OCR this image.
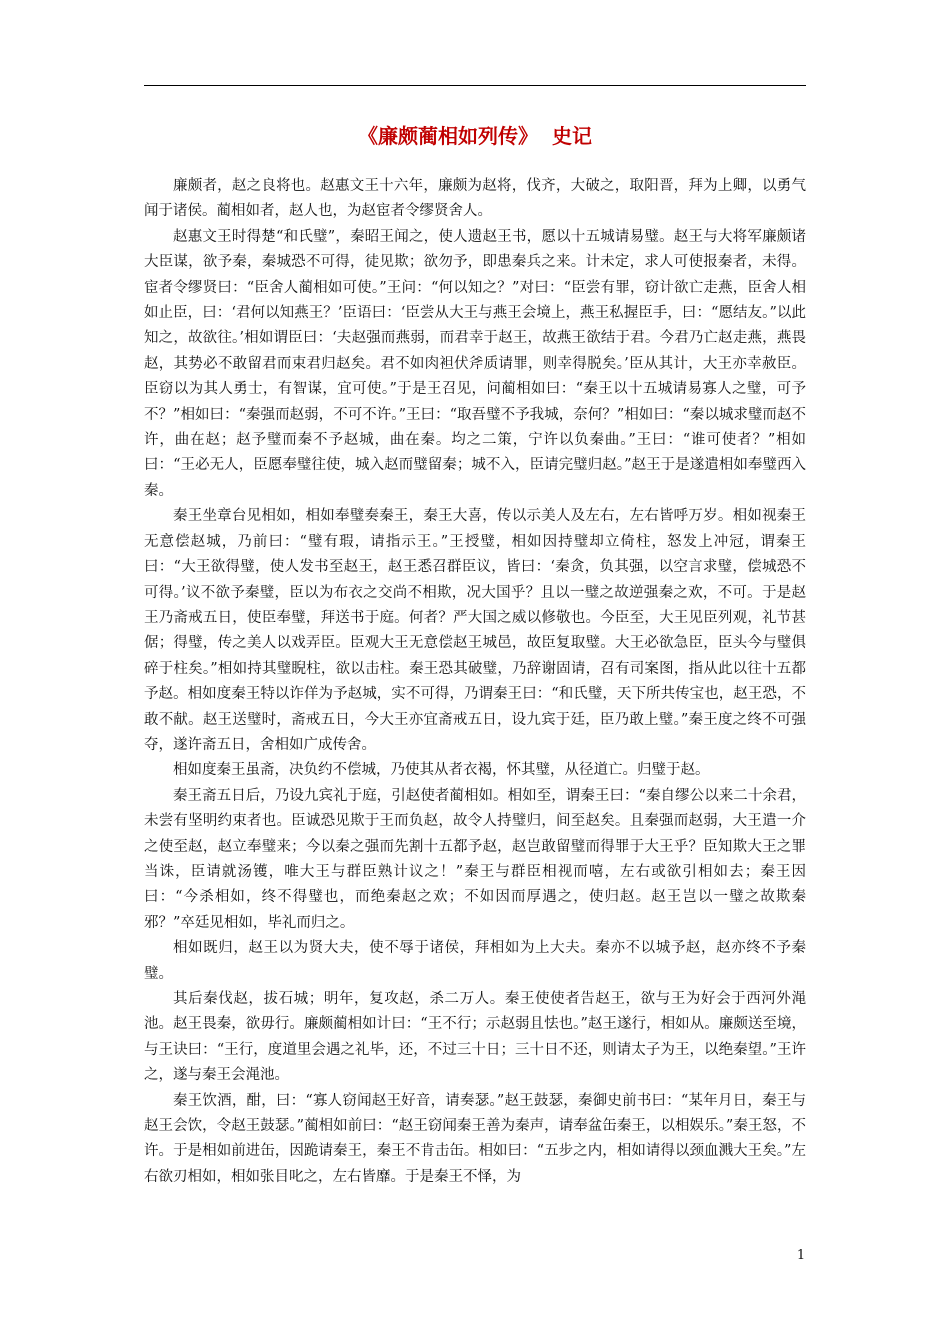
《廉颇蔺相如列传》 史记

廉颇者，赵之良将也。赵惠文王十六年，廉颇为赵将，伐齐，大破之，取阳晋，拜为上卿，以勇气闻于诸侯。蔺相如者，赵人也，为赵宦者令缪贤舍人。

赵惠文王时得楚“和氏璧”，秦昭王闻之，使人遗赵王书，愿以十五城请易璧。赵王与大将军廉颇诸大臣谋，欲予秦，秦城恐不可得，徒见欺；欲勿予，即患秦兵之来。计未定，求人可使报秦者，未得。宦者令缪贤曰：“臣舍人蔺相如可使。”王问：“何以知之？”对曰：“臣尝有罪，窃计欲亡走燕，臣舍人相如止臣，曰：‘君何以知燕王？’臣语曰：‘臣尝从大王与燕王会境上，燕王私握臣手，曰：“愿结友。”以此知之，故欲往。’相如谓臣曰：‘夫赵强而燕弱，而君幸于赵王，故燕王欲结于君。今君乃亡赵走燕，燕畏赵，其势必不敢留君而束君归赵矣。君不如肉袒伏斧质请罪，则幸得脱矣。’臣从其计，大王亦幸赦臣。臣窃以为其人勇士，有智谋，宜可使。”于是王召见，问蔺相如曰：“秦王以十五城请易寡人之璧，可予不？”相如曰：“秦强而赵弱，不可不许。”王曰：“取吾璧不予我城，奈何？”相如曰：“秦以城求璧而赵不许，曲在赵；赵予璧而秦不予赵城，曲在秦。均之二策，宁许以负秦曲。”王曰：“谁可使者？”相如曰：“王必无人，臣愿奉璧往使，城入赵而璧留秦；城不入，臣请完璧归赵。”赵王于是遂遣相如奉璧西入秦。

秦王坐章台见相如，相如奉璧奏秦王，秦王大喜，传以示美人及左右，左右皆呼万岁。相如视秦王无意偿赵城，乃前曰：“璧有瑕，请指示王。”王授璧，相如因持璧却立倚柱，怒发上冲冠，谓秦王曰：“大王欲得璧，使人发书至赵王，赵王悉召群臣议，皆曰：‘秦贪，负其强，以空言求璧，偿城恐不可得。’议不欲予秦璧，臣以为布衣之交尚不相欺，况大国乎？且以一璧之故逆强秦之欢，不可。于是赵王乃斋戒五日，使臣奉璧，拜送书于庭。何者？严大国之威以修敬也。今臣至，大王见臣列观，礼节甚倨；得璧，传之美人以戏弄臣。臣观大王无意偿赵王城邑，故臣复取璧。大王必欲急臣，臣头今与璧俱碎于柱矣。”相如持其璧睨柱，欲以击柱。秦王恐其破璧，乃辞谢固请，召有司案图，指从此以往十五都予赵。相如度秦王特以诈佯为予赵城，实不可得，乃谓秦王曰：“和氏璧，天下所共传宝也，赵王恐，不敢不献。赵王送璧时，斋戒五日，今大王亦宜斋戒五日，设九宾于廷，臣乃敢上璧。”秦王度之终不可强夺，遂许斋五日，舍相如广成传舍。

相如度秦王虽斋，决负约不偿城，乃使其从者衣褐，怀其璧，从径道亡。归璧于赵。

秦王斋五日后，乃设九宾礼于庭，引赵使者蔺相如。相如至，谓秦王曰：“秦自缪公以来二十余君，未尝有坚明约束者也。臣诚恐见欺于王而负赵，故令人持璧归，间至赵矣。且秦强而赵弱，大王遣一介之使至赵，赵立奉璧来；今以秦之强而先割十五都予赵，赵岂敢留璧而得罪于大王乎？臣知欺大王之罪当诛，臣请就汤镬，唯大王与群臣熟计议之！”秦王与群臣相视而嘻，左右或欲引相如去；秦王因曰：“今杀相如，终不得璧也，而绝秦赵之欢；不如因而厚遇之，使归赵。赵王岂以一璧之故欺秦邪？”卒廷见相如，毕礼而归之。

相如既归，赵王以为贤大夫，使不辱于诸侯，拜相如为上大夫。秦亦不以城予赵，赵亦终不予秦璧。

其后秦伐赵，拔石城；明年，复攻赵，杀二万人。秦王使使者告赵王，欲与王为好会于西河外渑池。赵王畏秦，欲毋行。廉颇蔺相如计曰：“王不行；示赵弱且怯也。”赵王遂行，相如从。廉颇送至境，与王诀曰：“王行，度道里会遇之礼毕，还，不过三十日；三十日不还，则请太子为王，以绝秦望。”王许之，遂与秦王会渑池。

秦王饮酒，酣，曰：“寡人窃闻赵王好音，请奏瑟。”赵王鼓瑟，秦御史前书曰：“某年月日，秦王与赵王会饮，令赵王鼓瑟。”蔺相如前曰：“赵王窃闻秦王善为秦声，请奉盆缶秦王，以相娱乐。”秦王怒，不许。于是相如前进缶，因跪请秦王，秦王不肯击缶。相如曰：“五步之内，相如请得以颈血溅大王矣。”左右欲刃相如，相如张目叱之，左右皆靡。于是秦王不怿，为

1
